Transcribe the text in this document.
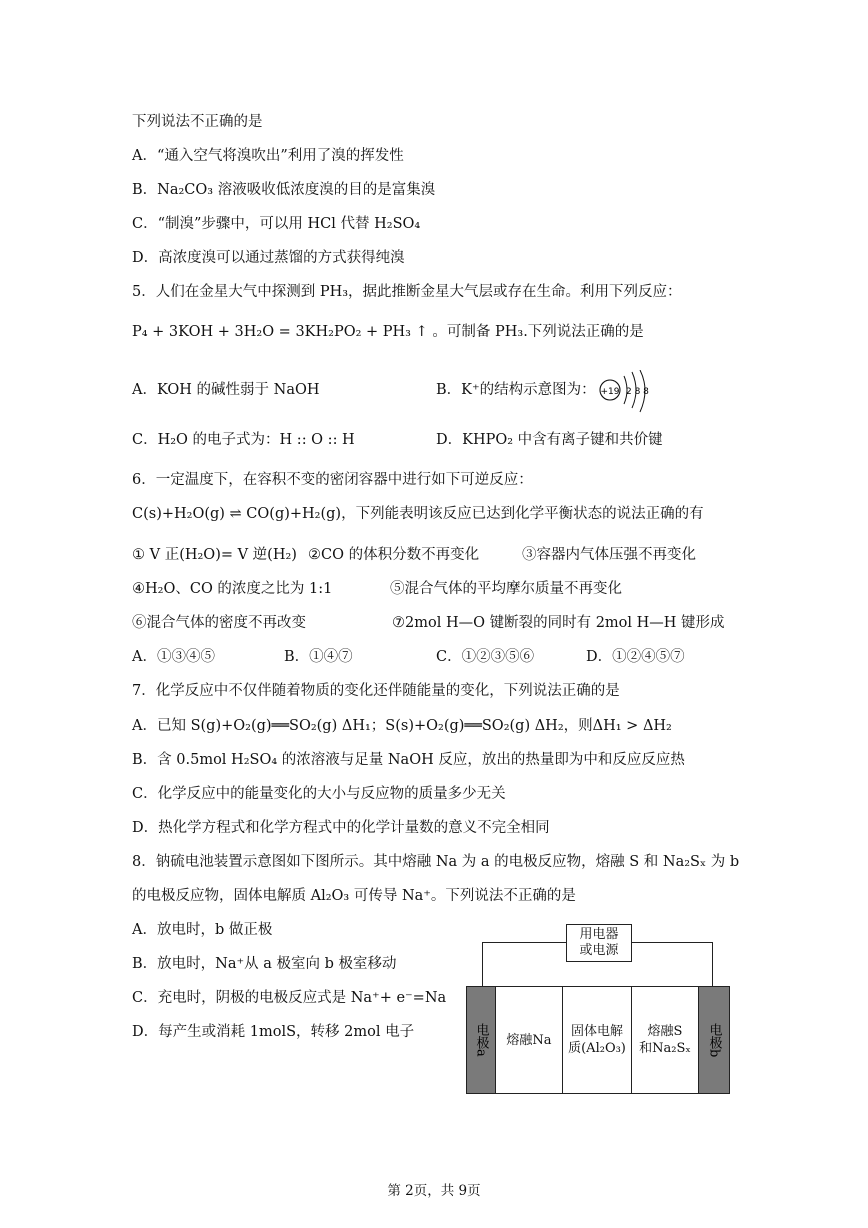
下列说法不正确的是
A．“通入空气将溴吹出”利用了溴的挥发性
B．Na₂CO₃ 溶液吸收低浓度溴的目的是富集溴
C．“制溴”步骤中，可以用 HCl 代替 H₂SO₄
D．高浓度溴可以通过蒸馏的方式获得纯溴
5．人们在金星大气中探测到 PH₃，据此推断金星大气层或存在生命。利用下列反应：
P₄ + 3KOH + 3H₂O = 3KH₂PO₂ + PH₃ ↑ 。可制备 PH₃.下列说法正确的是
A．KOH 的碱性弱于 NaOH	B．K⁺的结构示意图为： +19 2 8 8
C．H₂O 的电子式为：H :: O :: H	D．KHPO₂ 中含有离子键和共价键
6．一定温度下，在容积不变的密闭容器中进行如下可逆反应：
C(s)+H₂O(g) ⇌ CO(g)+H₂(g)，下列能表明该反应已达到化学平衡状态的说法正确的有
① V 正(H₂O)= V 逆(H₂) ②CO 的体积分数不再变化	③容器内气体压强不再变化
④H₂O、CO 的浓度之比为 1:1	⑤混合气体的平均摩尔质量不再变化
⑥混合气体的密度不再改变	⑦2mol H—O 键断裂的同时有 2mol H—H 键形成
A．①③④⑤	B．①④⑦	C．①②③⑤⑥	D．①②④⑤⑦
7．化学反应中不仅伴随着物质的变化还伴随能量的变化，下列说法正确的是
A．已知 S(g)+O₂(g)══SO₂(g) ΔH₁；S(s)+O₂(g)══SO₂(g) ΔH₂，则ΔH₁ > ΔH₂
B．含 0.5mol H₂SO₄ 的浓溶液与足量 NaOH 反应，放出的热量即为中和反应反应热
C．化学反应中的能量变化的大小与反应物的质量多少无关
D．热化学方程式和化学方程式中的化学计量数的意义不完全相同
8．钠硫电池装置示意图如下图所示。其中熔融 Na 为 a 的电极反应物，熔融 S 和 Na₂Sₓ 为 b
的电极反应物，固体电解质 Al₂O₃ 可传导 Na⁺。下列说法不正确的是
A．放电时，b 做正极
B．放电时，Na⁺从 a 极室向 b 极室移动
C．充电时，阴极的电极反应式是 Na⁺+ e⁻=Na
D．每产生或消耗 1molS，转移 2mol 电子
用电器
或电源
电极a	熔融Na
固体电解
质(Al₂O₃)
熔融S
和Na₂Sₓ	电极b
第 2页，共 9页
